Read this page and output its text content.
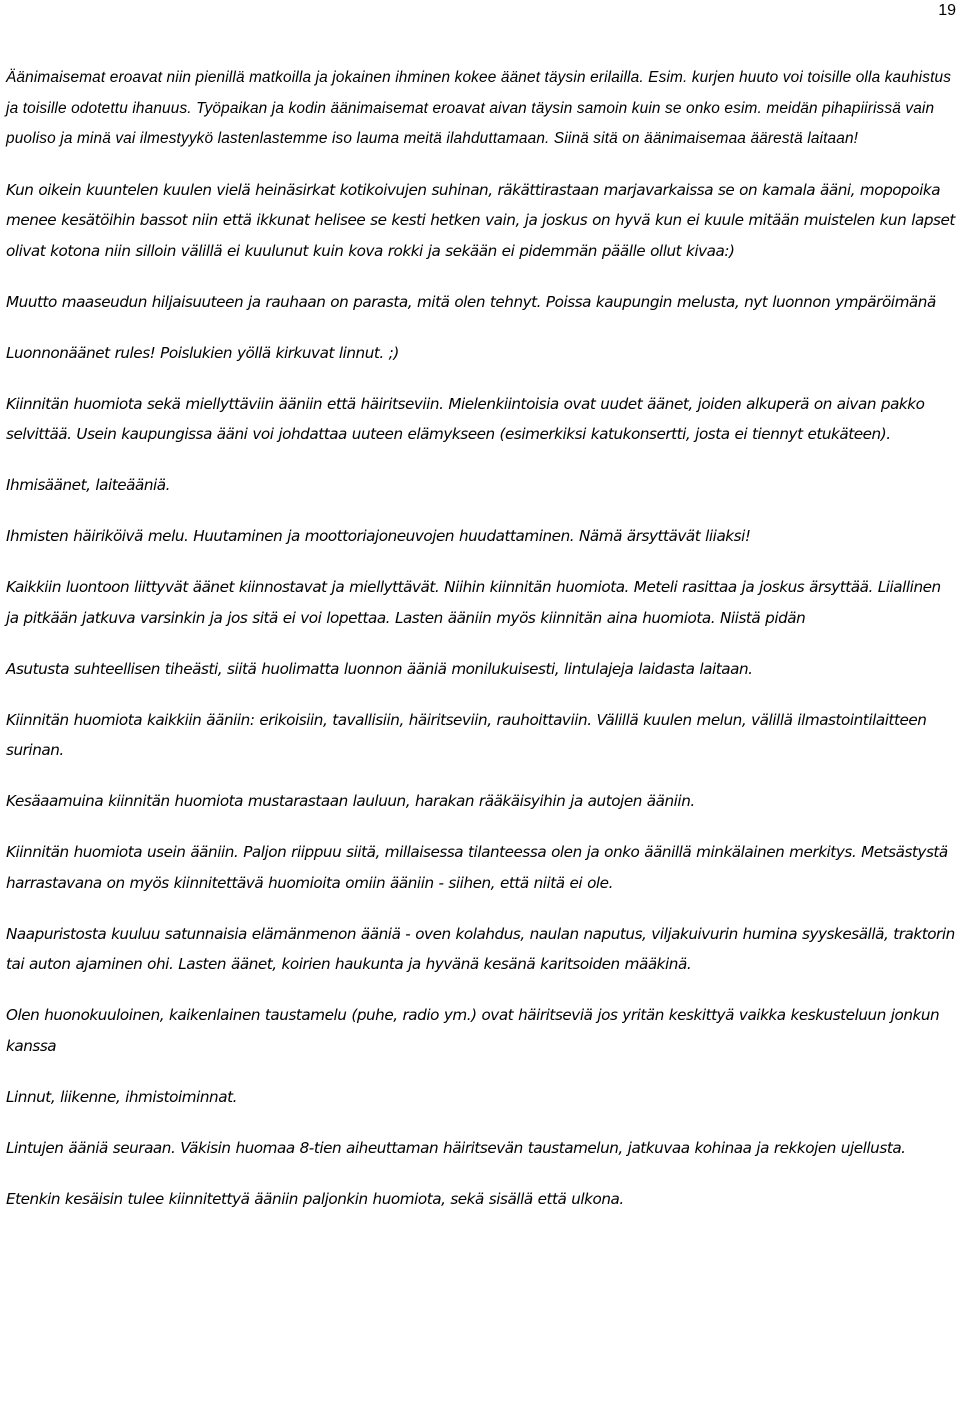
19

Äänimaisemat eroavat niin pienillä matkoilla ja jokainen ihminen kokee äänet täysin erilailla. Esim. kurjen huuto voi toisille olla kauhistus ja toisille odotettu ihanuus. Työpaikan ja kodin äänimaisemat eroavat aivan täysin samoin kuin se onko esim. meidän pihapiirissä vain puoliso ja minä vai ilmestyykö lastenlastemme iso lauma meitä ilahduttamaan. Siinä sitä on äänimaisemaa äärestä laitaan!

Kun oikein kuuntelen kuulen vielä heinäsirkat kotikoivujen suhinan, räkättirastaan marjavarkaissa se on kamala ääni, mopopoika menee kesätöihin bassot niin että ikkunat helisee se kesti hetken vain, ja joskus on hyvä kun ei kuule mitään muistelen kun lapset olivat kotona niin silloin välillä ei kuulunut kuin kova rokki ja sekään ei pidemmän päälle ollut kivaa:)

Muutto maaseudun hiljaisuuteen ja rauhaan on parasta, mitä olen tehnyt. Poissa kaupungin melusta, nyt luonnon ympäröimänä

Luonnonäänet rules! Poislukien yöllä kirkuvat linnut. ;)

Kiinnitän huomiota sekä miellyttäviin ääniin että häiritseviin. Mielenkiintoisia ovat uudet äänet, joiden alkuperä on aivan pakko selvittää. Usein kaupungissa ääni voi johdattaa uuteen elämykseen (esimerkiksi katukonsertti, josta ei tiennyt etukäteen).

Ihmisäänet, laiteääniä.

Ihmisten häiriköivä melu. Huutaminen ja moottoriajoneuvojen huudattaminen. Nämä ärsyttävät liiaksi!

Kaikkiin luontoon liittyvät äänet kiinnostavat ja miellyttävät. Niihin kiinnitän huomiota. Meteli rasittaa ja joskus ärsyttää. Liiallinen ja pitkään jatkuva varsinkin ja jos sitä ei voi lopettaa. Lasten ääniin myös kiinnitän aina huomiota. Niistä pidän

Asutusta suhteellisen tiheästi, siitä huolimatta luonnon ääniä monilukuisesti, lintulajeja laidasta laitaan.

Kiinnitän huomiota kaikkiin ääniin: erikoisiin, tavallisiin, häiritseviin, rauhoittaviin. Välillä kuulen melun, välillä ilmastointilaitteen surinan.

Kesäaamuina kiinnitän huomiota mustarastaan lauluun, harakan rääkäisyihin ja autojen ääniin.

Kiinnitän huomiota usein ääniin. Paljon riippuu siitä, millaisessa tilanteessa olen ja onko äänillä minkälainen merkitys. Metsästystä harrastavana on myös kiinnitettävä huomioita omiin ääniin - siihen, että niitä ei ole.

Naapuristosta kuuluu satunnaisia elämänmenon ääniä - oven kolahdus, naulan naputus, viljakuivurin humina syyskesällä, traktorin tai auton ajaminen ohi. Lasten äänet, koirien haukunta ja hyvänä kesänä karitsoiden määkinä.

Olen huonokuuloinen, kaikenlainen taustamelu (puhe, radio ym.) ovat häiritseviä jos yritän keskittyä vaikka keskusteluun jonkun kanssa

Linnut, liikenne, ihmistoiminnat.

Lintujen ääniä seuraan. Väkisin huomaa 8-tien aiheuttaman häiritsevän taustamelun, jatkuvaa kohinaa ja rekkojen ujellusta.

Etenkin kesäisin tulee kiinnitettyä ääniin paljonkin huomiota, sekä sisällä että ulkona.
